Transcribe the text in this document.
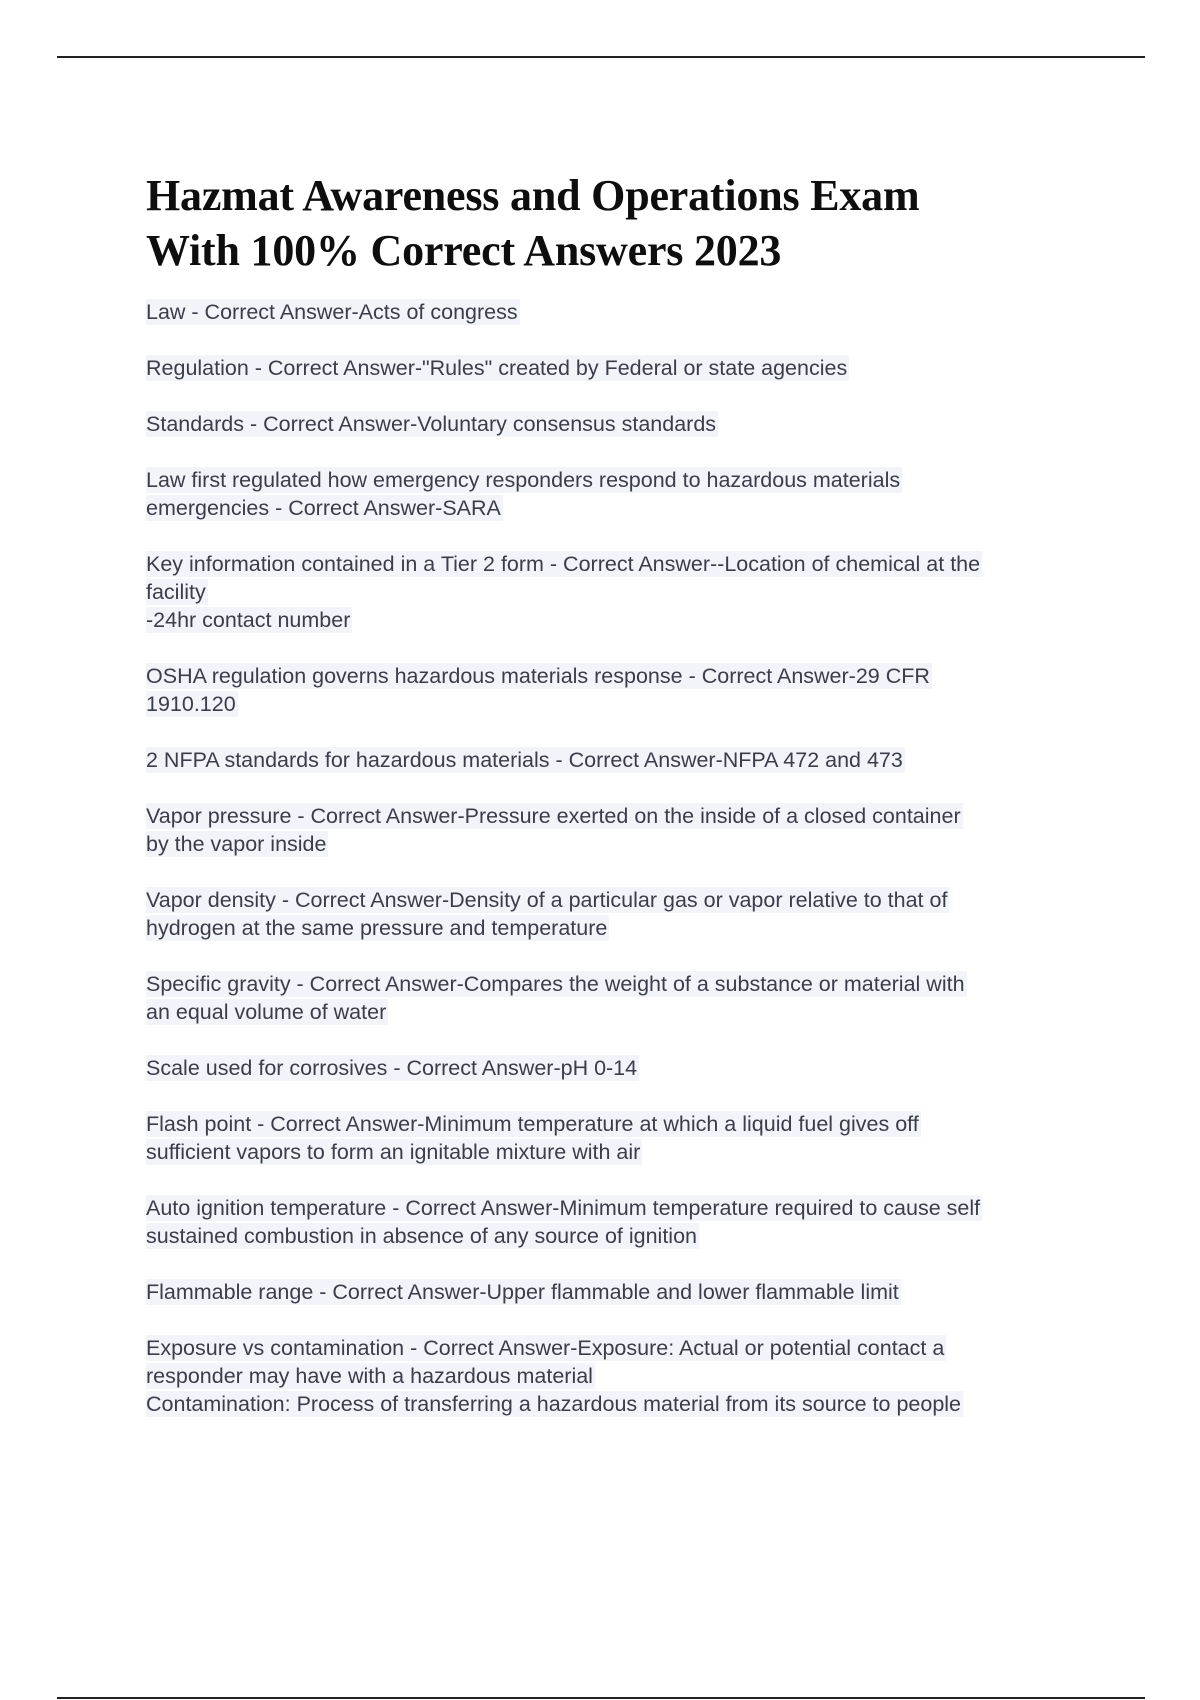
Hazmat Awareness and Operations Exam
With 100% Correct Answers 2023
Law - Correct Answer-Acts of congress
Regulation - Correct Answer-"Rules" created by Federal or state agencies
Standards - Correct Answer-Voluntary consensus standards
Law first regulated how emergency responders respond to hazardous materials
emergencies - Correct Answer-SARA
Key information contained in a Tier 2 form - Correct Answer--Location of chemical at the
facility
-24hr contact number
OSHA regulation governs hazardous materials response - Correct Answer-29 CFR
1910.120
2 NFPA standards for hazardous materials - Correct Answer-NFPA 472 and 473
Vapor pressure - Correct Answer-Pressure exerted on the inside of a closed container
by the vapor inside
Vapor density - Correct Answer-Density of a particular gas or vapor relative to that of
hydrogen at the same pressure and temperature
Specific gravity - Correct Answer-Compares the weight of a substance or material with
an equal volume of water
Scale used for corrosives - Correct Answer-pH 0-14
Flash point - Correct Answer-Minimum temperature at which a liquid fuel gives off
sufficient vapors to form an ignitable mixture with air
Auto ignition temperature - Correct Answer-Minimum temperature required to cause self
sustained combustion in absence of any source of ignition
Flammable range - Correct Answer-Upper flammable and lower flammable limit
Exposure vs contamination - Correct Answer-Exposure: Actual or potential contact a
responder may have with a hazardous material
Contamination: Process of transferring a hazardous material from its source to people
